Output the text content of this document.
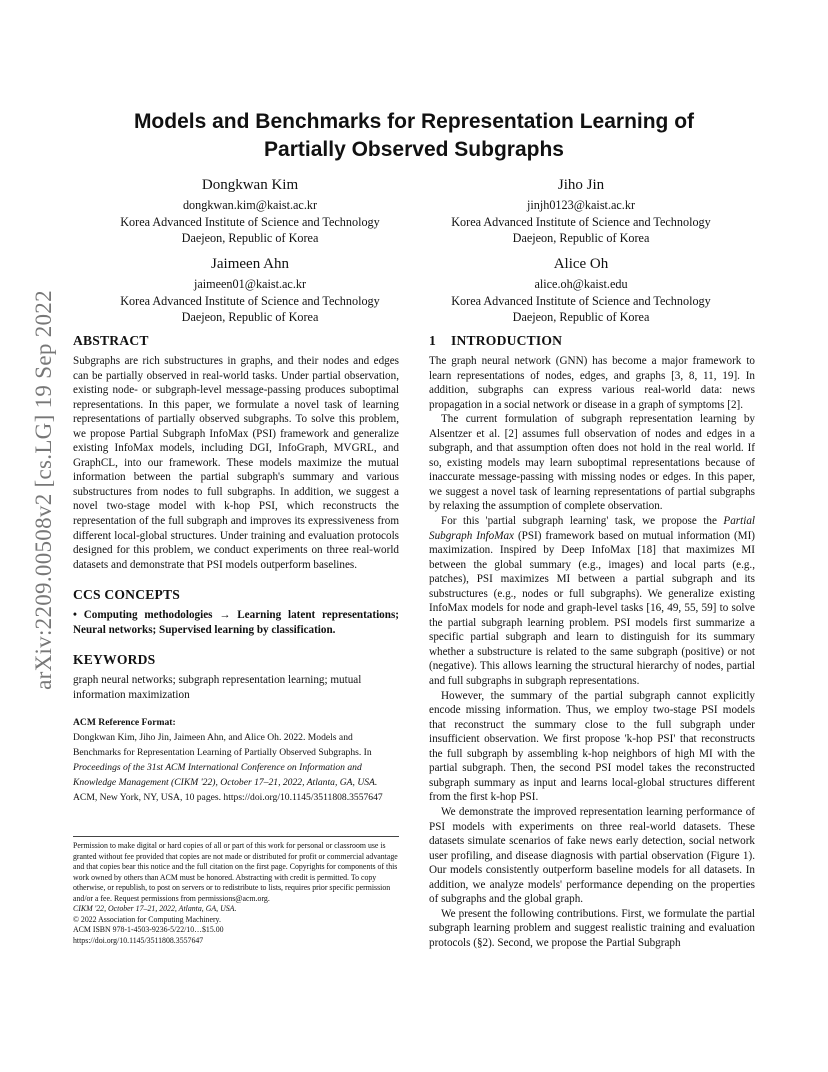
arXiv:2209.00508v2 [cs.LG] 19 Sep 2022
Models and Benchmarks for Representation Learning of
Partially Observed Subgraphs
Dongkwan Kim
dongkwan.kim@kaist.ac.kr
Korea Advanced Institute of Science and Technology
Daejeon, Republic of Korea
Jiho Jin
jinjh0123@kaist.ac.kr
Korea Advanced Institute of Science and Technology
Daejeon, Republic of Korea
Jaimeen Ahn
jaimeen01@kaist.ac.kr
Korea Advanced Institute of Science and Technology
Daejeon, Republic of Korea
Alice Oh
alice.oh@kaist.edu
Korea Advanced Institute of Science and Technology
Daejeon, Republic of Korea
ABSTRACT

Subgraphs are rich substructures in graphs, and their nodes and edges can be partially observed in real-world tasks. Under partial observation, existing node- or subgraph-level message-passing produces suboptimal representations. In this paper, we formulate a novel task of learning representations of partially observed subgraphs. To solve this problem, we propose Partial Subgraph InfoMax (PSI) framework and generalize existing InfoMax models, including DGI, InfoGraph, MVGRL, and GraphCL, into our framework. These models maximize the mutual information between the partial subgraph's summary and various substructures from nodes to full subgraphs. In addition, we suggest a novel two-stage model with k-hop PSI, which reconstructs the representation of the full subgraph and improves its expressiveness from different local-global structures. Under training and evaluation protocols designed for this problem, we conduct experiments on three real-world datasets and demonstrate that PSI models outperform baselines.

CCS CONCEPTS

• Computing methodologies → Learning latent representations; Neural networks; Supervised learning by classification.

KEYWORDS

graph neural networks; subgraph representation learning; mutual information maximization

ACM Reference Format:

Dongkwan Kim, Jiho Jin, Jaimeen Ahn, and Alice Oh. 2022. Models and Benchmarks for Representation Learning of Partially Observed Subgraphs. In Proceedings of the 31st ACM International Conference on Information and Knowledge Management (CIKM '22), October 17–21, 2022, Atlanta, GA, USA. ACM, New York, NY, USA, 10 pages. https://doi.org/10.1145/3511808.3557647

Permission to make digital or hard copies of all or part of this work for personal or classroom use is granted without fee provided that copies are not made or distributed for profit or commercial advantage and that copies bear this notice and the full citation on the first page. Copyrights for components of this work owned by others than ACM must be honored. Abstracting with credit is permitted. To copy otherwise, or republish, to post on servers or to redistribute to lists, requires prior specific permission and/or a fee. Request permissions from permissions@acm.org.

CIKM '22, October 17–21, 2022, Atlanta, GA, USA.

© 2022 Association for Computing Machinery.

ACM ISBN 978-1-4503-9236-5/22/10…$15.00

https://doi.org/10.1145/3511808.3557647

1 INTRODUCTION

The graph neural network (GNN) has become a major framework to learn representations of nodes, edges, and graphs [3, 8, 11, 19]. In addition, subgraphs can express various real-world data: news propagation in a social network or disease in a graph of symptoms [2].

The current formulation of subgraph representation learning by Alsentzer et al. [2] assumes full observation of nodes and edges in a subgraph, and that assumption often does not hold in the real world. If so, existing models may learn suboptimal representations because of inaccurate message-passing with missing nodes or edges. In this paper, we suggest a novel task of learning representations of partial subgraphs by relaxing the assumption of complete observation.

For this 'partial subgraph learning' task, we propose the Partial Subgraph InfoMax (PSI) framework based on mutual information (MI) maximization. Inspired by Deep InfoMax [18] that maximizes MI between the global summary (e.g., images) and local parts (e.g., patches), PSI maximizes MI between a partial subgraph and its substructures (e.g., nodes or full subgraphs). We generalize existing InfoMax models for node and graph-level tasks [16, 49, 55, 59] to solve the partial subgraph learning problem. PSI models first summarize a specific partial subgraph and learn to distinguish for its summary whether a substructure is related to the same subgraph (positive) or not (negative). This allows learning the structural hierarchy of nodes, partial and full subgraphs in subgraph representations.

However, the summary of the partial subgraph cannot explicitly encode missing information. Thus, we employ two-stage PSI models that reconstruct the summary close to the full subgraph under insufficient observation. We first propose 'k-hop PSI' that reconstructs the full subgraph by assembling k-hop neighbors of high MI with the partial subgraph. Then, the second PSI model takes the reconstructed subgraph summary as input and learns local-global structures different from the first k-hop PSI.

We demonstrate the improved representation learning performance of PSI models with experiments on three real-world datasets. These datasets simulate scenarios of fake news early detection, social network user profiling, and disease diagnosis with partial observation (Figure 1). Our models consistently outperform baseline models for all datasets. In addition, we analyze models' performance depending on the properties of subgraphs and the global graph.

We present the following contributions. First, we formulate the partial subgraph learning problem and suggest realistic training and evaluation protocols (§2). Second, we propose the Partial Subgraph
